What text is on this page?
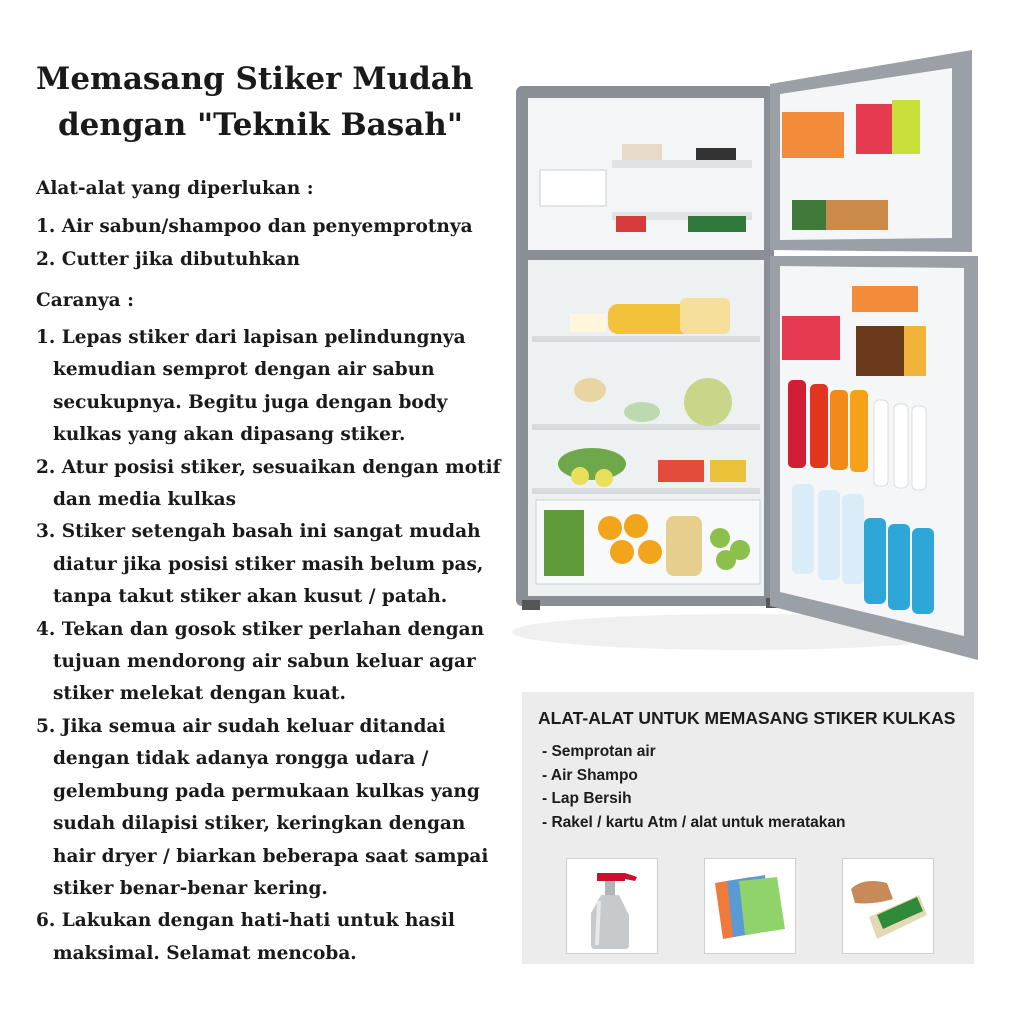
Memasang Stiker Mudah
dengan "Teknik Basah"

Alat-alat yang diperlukan :

1. Air sabun/shampoo dan penyemprotnya
2. Cutter jika dibutuhkan

Caranya :

1. Lepas stiker dari lapisan pelindungnya kemudian semprot dengan air sabun secukupnya. Begitu juga dengan body kulkas yang akan dipasang stiker.
2. Atur posisi stiker, sesuaikan dengan motif dan media kulkas
3. Stiker setengah basah ini sangat mudah diatur jika posisi stiker masih belum pas, tanpa takut stiker akan kusut / patah.
4. Tekan dan gosok stiker perlahan dengan tujuan mendorong air sabun keluar agar stiker melekat dengan kuat.
5. Jika semua air sudah keluar ditandai dengan tidak adanya rongga udara / gelembung pada permukaan kulkas yang sudah dilapisi stiker, keringkan dengan hair dryer / biarkan beberapa saat sampai stiker benar-benar kering.
6. Lakukan dengan hati-hati untuk hasil maksimal. Selamat mencoba.

ALAT-ALAT UNTUK MEMASANG STIKER KULKAS

- Semprotan air
- Air Shampo
- Lap Bersih
- Rakel / kartu Atm / alat untuk meratakan
